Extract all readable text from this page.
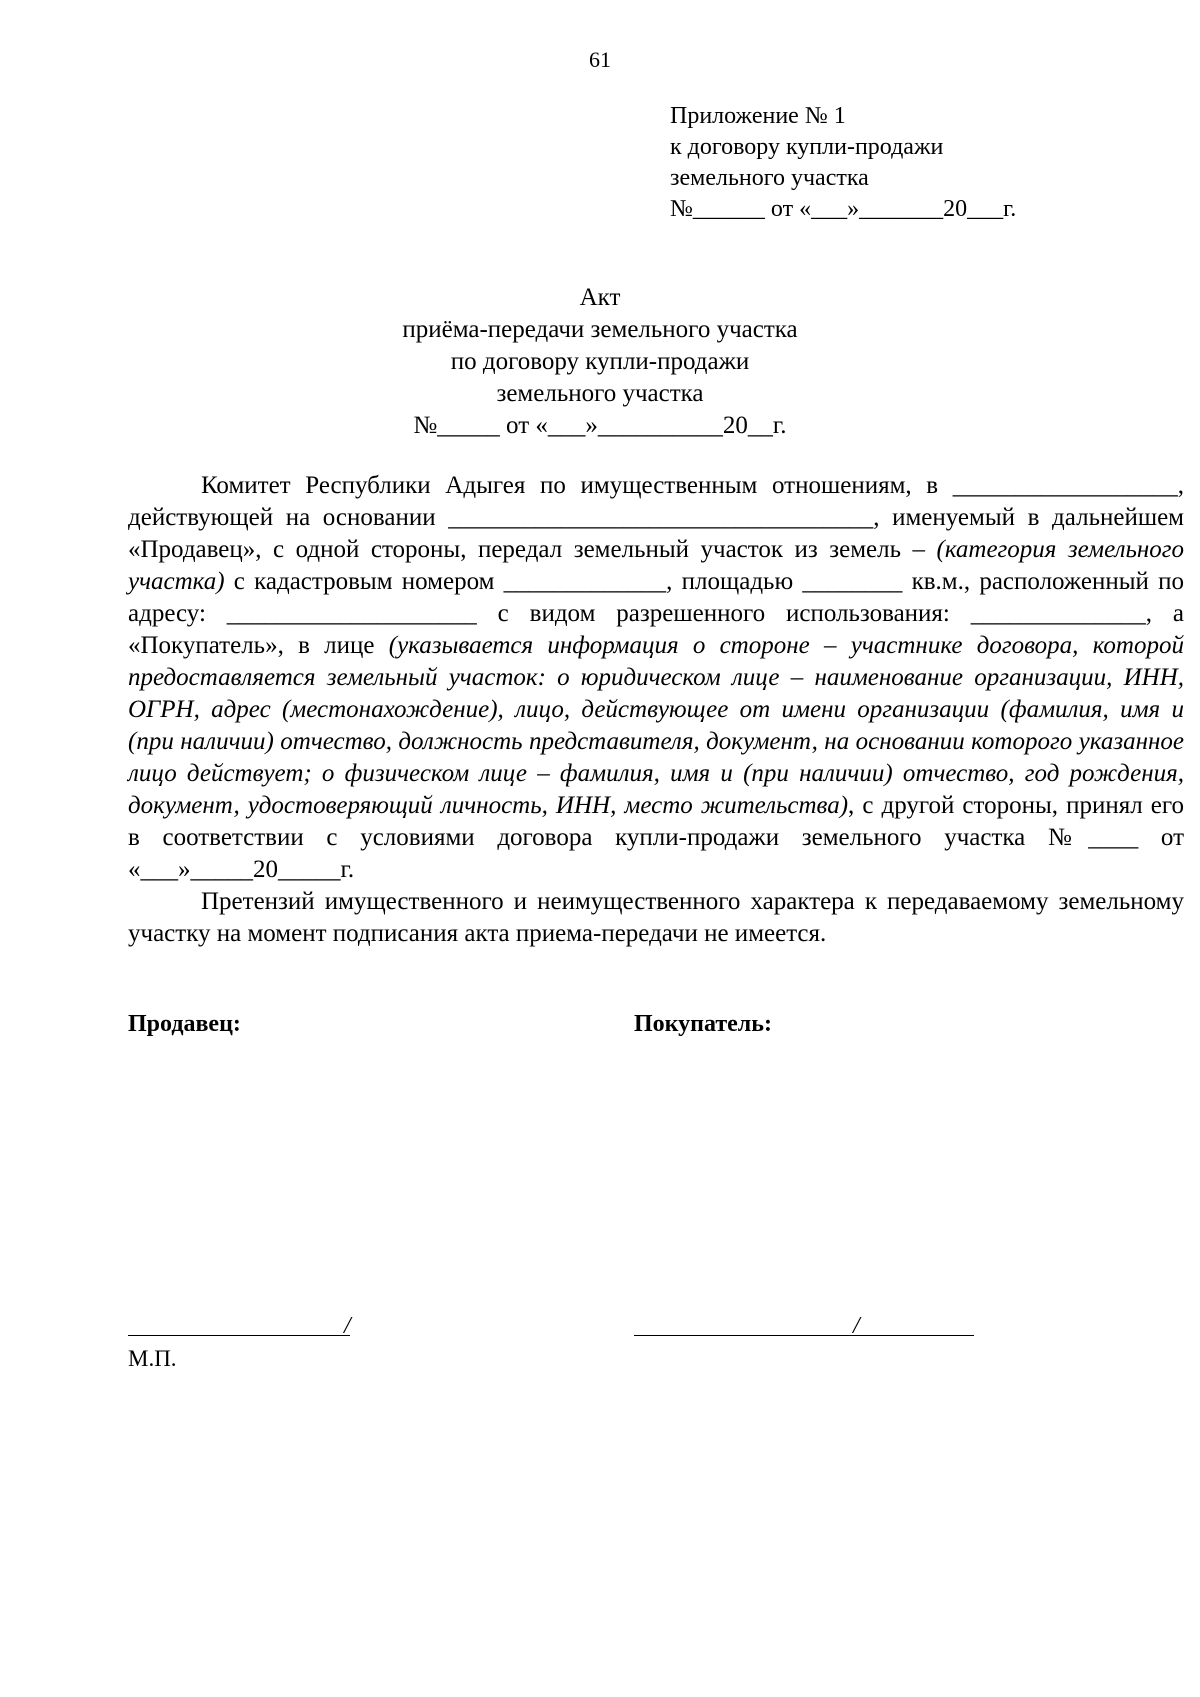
61
Приложение № 1
к договору купли-продажи
земельного участка
№______ от «___»_______20___г.
Акт
приёма-передачи земельного участка
по договору купли-продажи
земельного участка
№_____ от «___»__________20__г.

Комитет Республики Адыгея по имущественным отношениям, в __________________, действующей на основании __________________________________, именуемый в дальнейшем «Продавец», с одной стороны, передал земельный участок из земель – (категория земельного участка) с кадастровым номером _____________, площадью ________ кв.м., расположенный по адресу: ____________________ с видом разрешенного использования: ______________, а «Покупатель», в лице (указывается информация о стороне – участнике договора, которой предоставляется земельный участок: о юридическом лице – наименование организации, ИНН, ОГРН, адрес (местонахождение), лицо, действующее от имени организации (фамилия, имя и (при наличии) отчество, должность представителя, документ, на основании которого указанное лицо действует; о физическом лице – фамилия, имя и (при наличии) отчество, год рождения, документ, удостоверяющий личность, ИНН, место жительства), с другой стороны, принял его в соответствии с условиями договора купли-продажи земельного участка №____ от «___»_____20_____г.

Претензий имущественного и неимущественного характера к передаваемому земельному участку на момент подписания акта приема-передачи не имеется.

Продавец:	Покупатель:
/	/
М.П.
